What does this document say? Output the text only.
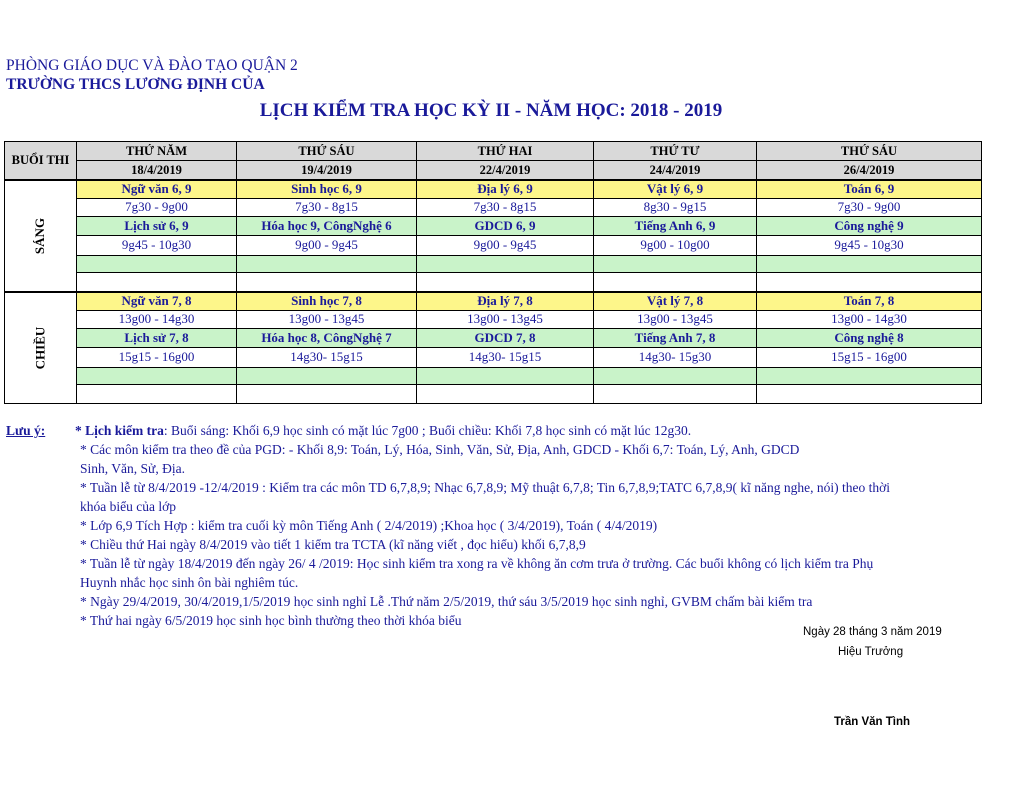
PHÒNG GIÁO DỤC VÀ ĐÀO TẠO QUẬN 2
TRƯỜNG THCS LƯƠNG ĐỊNH CỦA
LỊCH KIỂM TRA HỌC KỲ II - NĂM HỌC: 2018 - 2019
BUỔI THI	THỨ NĂM	THỨ SÁU	THỨ HAI	THỨ TƯ	THỨ SÁU
	18/4/2019	19/4/2019	22/4/2019	24/4/2019	26/4/2019
SÁNG	Ngữ văn 6, 9	Sinh học 6, 9	Địa lý 6, 9	Vật lý 6, 9	Toán 6, 9
	7g30 - 9g00	7g30 - 8g15	7g30 - 8g15	8g30 - 9g15	7g30 - 9g00
	Lịch sử 6, 9	Hóa học 9, CôngNghệ 6	GDCD 6, 9	Tiếng Anh 6, 9	Công nghệ 9
	9g45 - 10g30	9g00 - 9g45	9g00 - 9g45	9g00 - 10g00	9g45 - 10g30

CHIỀU	Ngữ văn 7, 8	Sinh học 7, 8	Địa lý 7, 8	Vật lý 7, 8	Toán 7, 8
	13g00 - 14g30	13g00 - 13g45	13g00 - 13g45	13g00 - 13g45	13g00 - 14g30
	Lịch sử 7, 8	Hóa học 8, CôngNghệ 7	GDCD 7, 8	Tiếng Anh 7, 8	Công nghệ 8
	15g15 - 16g00	14g30- 15g15	14g30- 15g15	14g30- 15g30	15g15 - 16g00

Lưu ý: * Lịch kiểm tra: Buổi sáng: Khối 6,9 học sinh có mặt lúc 7g00 ; Buổi chiều: Khối 7,8 học sinh có mặt lúc 12g30.
* Các môn kiểm tra theo đề của PGD: - Khối 8,9: Toán, Lý, Hóa, Sinh, Văn, Sử, Địa, Anh, GDCD - Khối 6,7: Toán, Lý, Anh, GDCD
Sinh, Văn, Sử, Địa.
* Tuần lễ từ 8/4/2019 -12/4/2019 : Kiểm tra các môn TD 6,7,8,9; Nhạc 6,7,8,9; Mỹ thuật 6,7,8; Tin 6,7,8,9;TATC 6,7,8,9( kĩ năng nghe, nói) theo thời
khóa biểu của lớp
* Lớp 6,9 Tích Hợp : kiểm tra cuối kỳ môn Tiếng Anh ( 2/4/2019) ;Khoa học ( 3/4/2019), Toán ( 4/4/2019)
* Chiều thứ Hai ngày 8/4/2019 vào tiết 1 kiểm tra TCTA (kĩ năng viết , đọc hiểu) khối 6,7,8,9
* Tuần lễ từ ngày 18/4/2019 đến ngày 26/ 4 /2019: Học sinh kiểm tra xong ra về không ăn cơm trưa ở trường. Các buổi không có lịch kiểm tra Phụ
Huynh nhắc học sinh ôn bài nghiêm túc.
* Ngày 29/4/2019, 30/4/2019,1/5/2019 học sinh nghỉ Lễ .Thứ năm 2/5/2019, thứ sáu 3/5/2019 học sinh nghỉ, GVBM chấm bài kiểm tra
* Thứ hai ngày 6/5/2019 học sinh học bình thường theo thời khóa biểu
Ngày 28 tháng 3 năm 2019
Hiệu Trưởng
Trần Văn Tình
